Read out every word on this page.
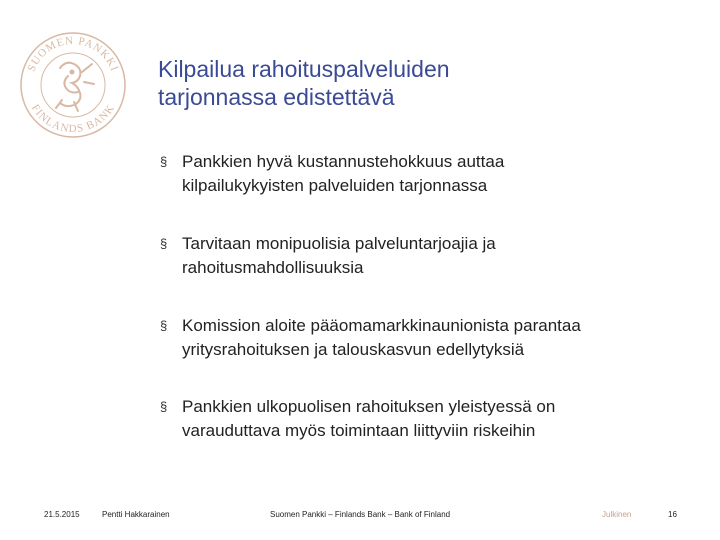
SUOMEN PANKKI
FINLANDS BANK
Kilpailua rahoituspalveluiden
tarjonnassa edistettävä
§ Pankkien hyvä kustannustehokkuus auttaa
kilpailukykyisten palveluiden tarjonnassa
§ Tarvitaan monipuolisia palveluntarjoajia ja
rahoitusmahdollisuuksia
§ Komission aloite pääomamarkkinaunionista parantaa
yritysrahoituksen ja talouskasvun edellytyksiä
§ Pankkien ulkopuolisen rahoituksen yleistyessä on
varauduttava myös toimintaan liittyviin riskeihin
21.5.2015	Pentti Hakkarainen	Suomen Pankki – Finlands Bank – Bank of Finland	Julkinen	16
